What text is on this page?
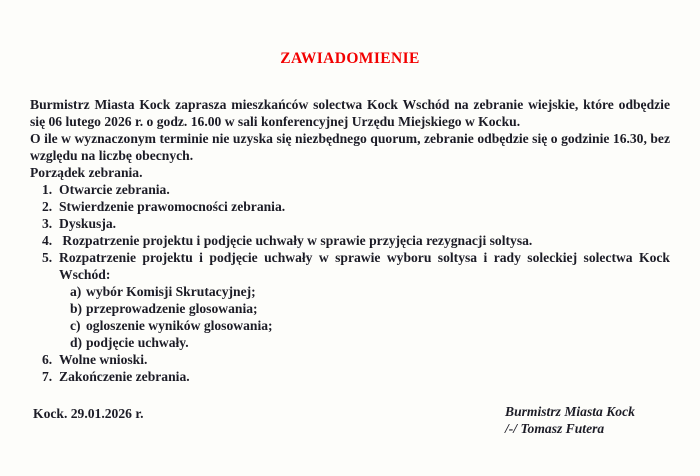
ZAWIADOMIENIE

Burmistrz Miasta Kock zaprasza mieszkańców solectwa Kock Wschód na zebranie wiejskie, które odbędzie się 06 lutego 2026 r. o godz. 16.00 w sali konferencyjnej Urzędu Miejskiego w Kocku.

O ile w wyznaczonym terminie nie uzyska się niezbędnego quorum, zebranie odbędzie się o godzinie 16.30, bez względu na liczbę obecnych.

Porządek zebrania.

1. Otwarcie zebrania.
2. Stwierdzenie prawomocności zebrania.
3. Dyskusja.
4. Rozpatrzenie projektu i podjęcie uchwały w sprawie przyjęcia rezygnacji soltysa.
5. Rozpatrzenie projektu i podjęcie uchwały w sprawie wyboru soltysa i rady soleckiej solectwa Kock Wschód:
a) wybór Komisji Skrutacyjnej;
b) przeprowadzenie glosowania;
c) ogloszenie wyników glosowania;
d) podjęcie uchwały.
6. Wolne wnioski.
7. Zakończenie zebrania.
Kock. 29.01.2026 r.	Burmistrz Miasta Kock
/-/ Tomasz Futera
